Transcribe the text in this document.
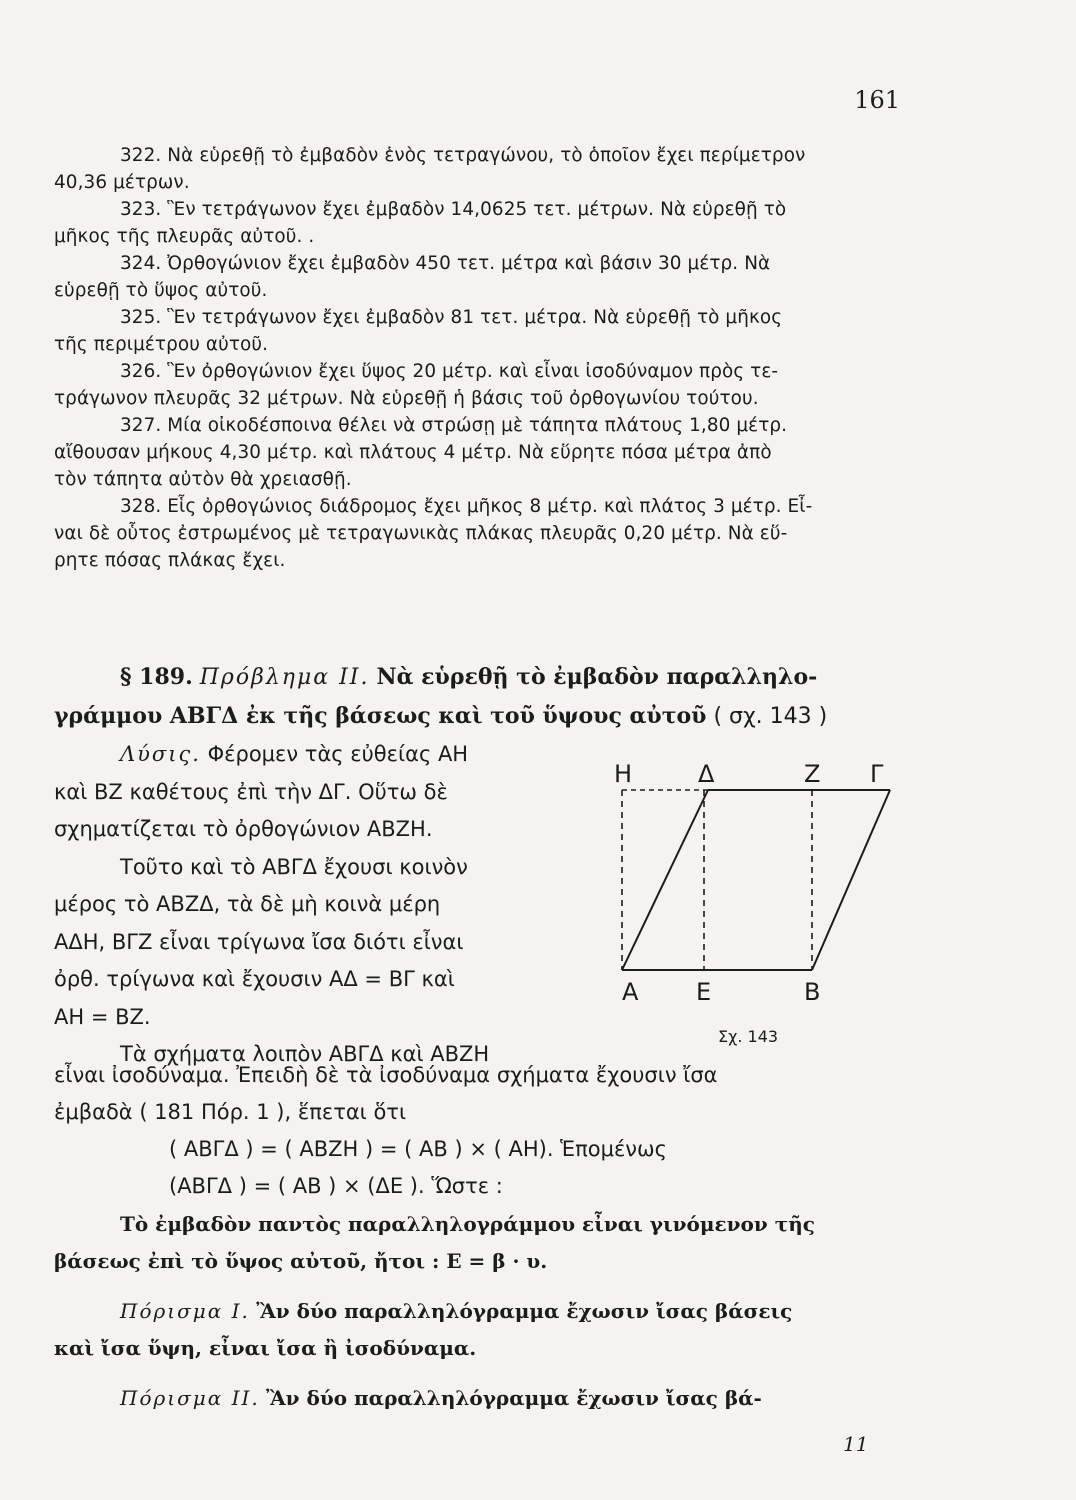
161
322. Νὰ εὑρεθῇ τὸ ἐμβαδὸν ἑνὸς τετραγώνου, τὸ ὁποῖον ἔχει περίμετρον
40,36 μέτρων.
323. Ἓν τετράγωνον ἔχει ἐμβαδὸν 14,0625 τετ. μέτρων. Νὰ εὑρεθῇ τὸ
μῆκος τῆς πλευρᾶς αὐτοῦ. .
324. Ὀρθογώνιον ἔχει ἐμβαδὸν 450 τετ. μέτρα καὶ βάσιν 30 μέτρ. Νὰ
εὑρεθῇ τὸ ὕψος αὐτοῦ.
325. Ἓν τετράγωνον ἔχει ἐμβαδὸν 81 τετ. μέτρα. Νὰ εὑρεθῇ τὸ μῆκος
τῆς περιμέτρου αὐτοῦ.
326. Ἓν ὀρθογώνιον ἔχει ὕψος 20 μέτρ. καὶ εἶναι ἰσοδύναμον πρὸς τε-
τράγωνον πλευρᾶς 32 μέτρων. Νὰ εὑρεθῇ ἡ βάσις τοῦ ὀρθογωνίου τούτου.
327. Μία οἰκοδέσποινα θέλει νὰ στρώσῃ μὲ τάπητα πλάτους 1,80 μέτρ.
αἴθουσαν μήκους 4,30 μέτρ. καὶ πλάτους 4 μέτρ. Νὰ εὕρητε πόσα μέτρα ἀπὸ
τὸν τάπητα αὐτὸν θὰ χρειασθῇ.
328. Εἷς ὀρθογώνιος διάδρομος ἔχει μῆκος 8 μέτρ. καὶ πλάτος 3 μέτρ. Εἶ-
ναι δὲ οὗτος ἐστρωμένος μὲ τετραγωνικὰς πλάκας πλευρᾶς 0,20 μέτρ. Νὰ εὕ-
ρητε πόσας πλάκας ἔχει.
§ 189. Πρόβλημα ΙΙ. Νὰ εὑρεθῇ τὸ ἐμβαδὸν παραλληλο-
γράμμου ΑΒΓΔ ἐκ τῆς βάσεως καὶ τοῦ ὕψους αὐτοῦ ( σχ. 143 )
Λύσις. Φέρομεν τὰς εὐθείας ΑΗ
καὶ ΒΖ καθέτους ἐπὶ τὴν ΔΓ. Οὕτω δὲ
σχηματίζεται τὸ ὀρθογώνιον ΑΒΖΗ.
Τοῦτο καὶ τὸ ΑΒΓΔ ἔχουσι κοινὸν
μέρος τὸ ΑΒΖΔ, τὰ δὲ μὴ κοινὰ μέρη
ΑΔΗ, ΒΓΖ εἶναι τρίγωνα ἴσα διότι εἶναι
ὀρθ. τρίγωνα καὶ ἔχουσιν ΑΔ = ΒΓ καὶ
ΑΗ = ΒΖ.
Τὰ σχήματα λοιπὸν ΑΒΓΔ καὶ ΑΒΖΗ
εἶναι ἰσοδύναμα. Ἐπειδὴ δὲ τὰ ἰσοδύναμα σχήματα ἔχουσιν ἴσα
ἐμβαδὰ ( 181 Πόρ. 1 ), ἕπεται ὅτι
( ΑΒΓΔ ) = ( ΑΒΖΗ ) = ( ΑΒ ) × ( ΑΗ). Ἑπομένως
(ΑΒΓΔ ) = ( ΑΒ ) × (ΔΕ ). Ὥστε :
Τὸ ἐμβαδὸν παντὸς παραλληλογράμμου εἶναι γινόμενον τῆς
βάσεως ἐπὶ τὸ ὕψος αὐτοῦ, ἤτοι : Ε = β · υ.
Πόρισμα Ι. Ἂν δύο παραλληλόγραμμα ἔχωσιν ἴσας βάσεις
καὶ ἴσα ὕψη, εἶναι ἴσα ἢ ἰσοδύναμα.
Πόρισμα ΙΙ. Ἂν δύο παραλληλόγραμμα ἔχωσιν ἴσας βά-
11
Η	Δ	Ζ Γ
Α Ε	Β
Σχ. 143
